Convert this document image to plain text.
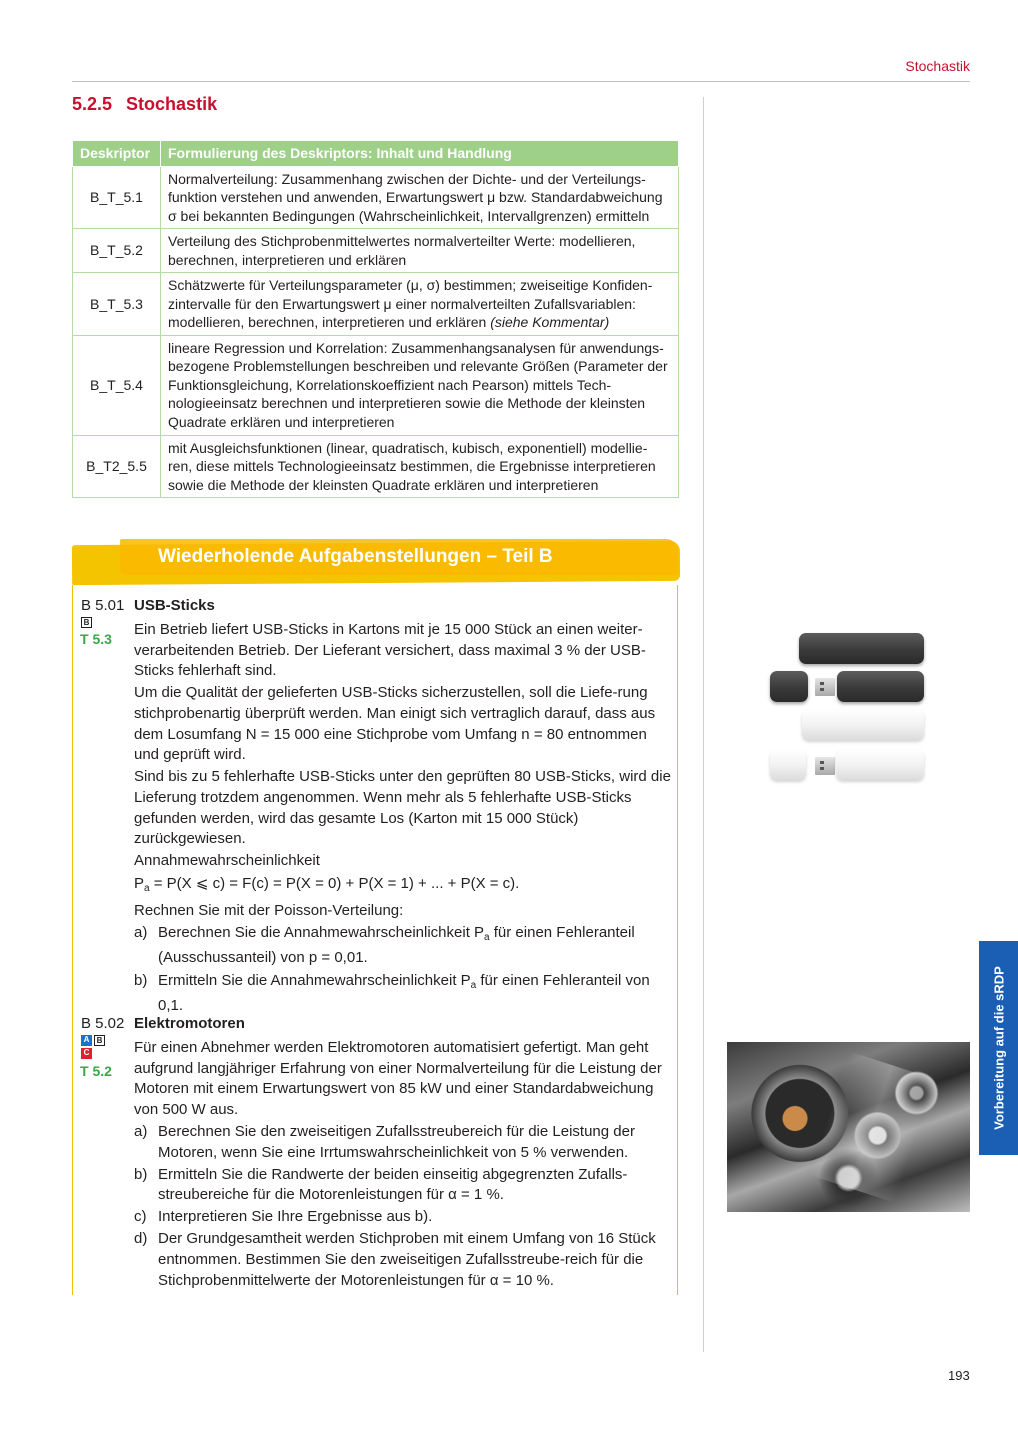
Stochastik
5.2.5 Stochastik
Deskriptor	Formulierung des Deskriptors: Inhalt und Handlung
B_T_5.1	Normalverteilung: Zusammenhang zwischen der Dichte- und der Verteilungs-funktion verstehen und anwenden, Erwartungswert μ bzw. Standardabweichung σ bei bekannten Bedingungen (Wahrscheinlichkeit, Intervallgrenzen) ermitteln
B_T_5.2	Verteilung des Stichprobenmittelwertes normalverteilter Werte: modellieren, berechnen, interpretieren und erklären
B_T_5.3	Schätzwerte für Verteilungsparameter (μ, σ) bestimmen; zweiseitige Konfiden-zintervalle für den Erwartungswert μ einer normalverteilten Zufallsvariablen: modellieren, berechnen, interpretieren und erklären (siehe Kommentar)
B_T_5.4	lineare Regression und Korrelation: Zusammenhangsanalysen für anwendungs-bezogene Problemstellungen beschreiben und relevante Größen (Parameter der Funktionsgleichung, Korrelationskoeffizient nach Pearson) mittels Tech-nologieeinsatz berechnen und interpretieren sowie die Methode der kleinsten Quadrate erklären und interpretieren
B_T2_5.5	mit Ausgleichsfunktionen (linear, quadratisch, kubisch, exponentiell) modellie-ren, diese mittels Technologieeinsatz bestimmen, die Ergebnisse interpretieren sowie die Methode der kleinsten Quadrate erklären und interpretieren
Wiederholende Aufgabenstellungen – Teil B
B 5.01 USB-Sticks
B
T 5.3

Ein Betrieb liefert USB-Sticks in Kartons mit je 15 000 Stück an einen weiter-verarbeitenden Betrieb. Der Lieferant versichert, dass maximal 3 % der USB-Sticks fehlerhaft sind.

Um die Qualität der gelieferten USB-Sticks sicherzustellen, soll die Liefe-rung stichprobenartig überprüft werden. Man einigt sich vertraglich darauf, dass aus dem Losumfang N = 15 000 eine Stichprobe vom Umfang n = 80 entnommen und geprüft wird.

Sind bis zu 5 fehlerhafte USB-Sticks unter den geprüften 80 USB-Sticks, wird die Lieferung trotzdem angenommen. Wenn mehr als 5 fehlerhafte USB-Sticks gefunden werden, wird das gesamte Los (Karton mit 15 000 Stück) zurückgewiesen.

Annahmewahrscheinlichkeit

$P_a = P(X$ ⩽ c) = F(c) = P(X = 0) + P(X = 1) + ... + P(X = c).

Rechnen Sie mit der Poisson-Verteilung:

a) Berechnen Sie die Annahmewahrscheinlichkeit $P_a$ für einen Fehleranteil (Ausschussanteil) von p = 0,01.
b) Ermitteln Sie die Annahmewahrscheinlichkeit $P_a$ für einen Fehleranteil von 0,1.
B 5.02 Elektromotoren
A B
C
T 5.2

Für einen Abnehmer werden Elektromotoren automatisiert gefertigt. Man geht aufgrund langjähriger Erfahrung von einer Normalverteilung für die Leistung der Motoren mit einem Erwartungswert von 85 kW und einer Standardabweichung von 500 W aus.

a) Berechnen Sie den zweiseitigen Zufallsstreubereich für die Leistung der Motoren, wenn Sie eine Irrtumswahrscheinlichkeit von 5 % verwenden.
b) Ermitteln Sie die Randwerte der beiden einseitig abgegrenzten Zufalls-streubereiche für die Motorenleistungen für α = 1 %.
c) Interpretieren Sie Ihre Ergebnisse aus b).
d) Der Grundgesamtheit werden Stichproben mit einem Umfang von 16 Stück entnommen. Bestimmen Sie den zweiseitigen Zufallsstreube-reich für die Stichprobenmittelwerte der Motorenleistungen für α = 10 %.
Vorbereitung auf die sRDP
193
